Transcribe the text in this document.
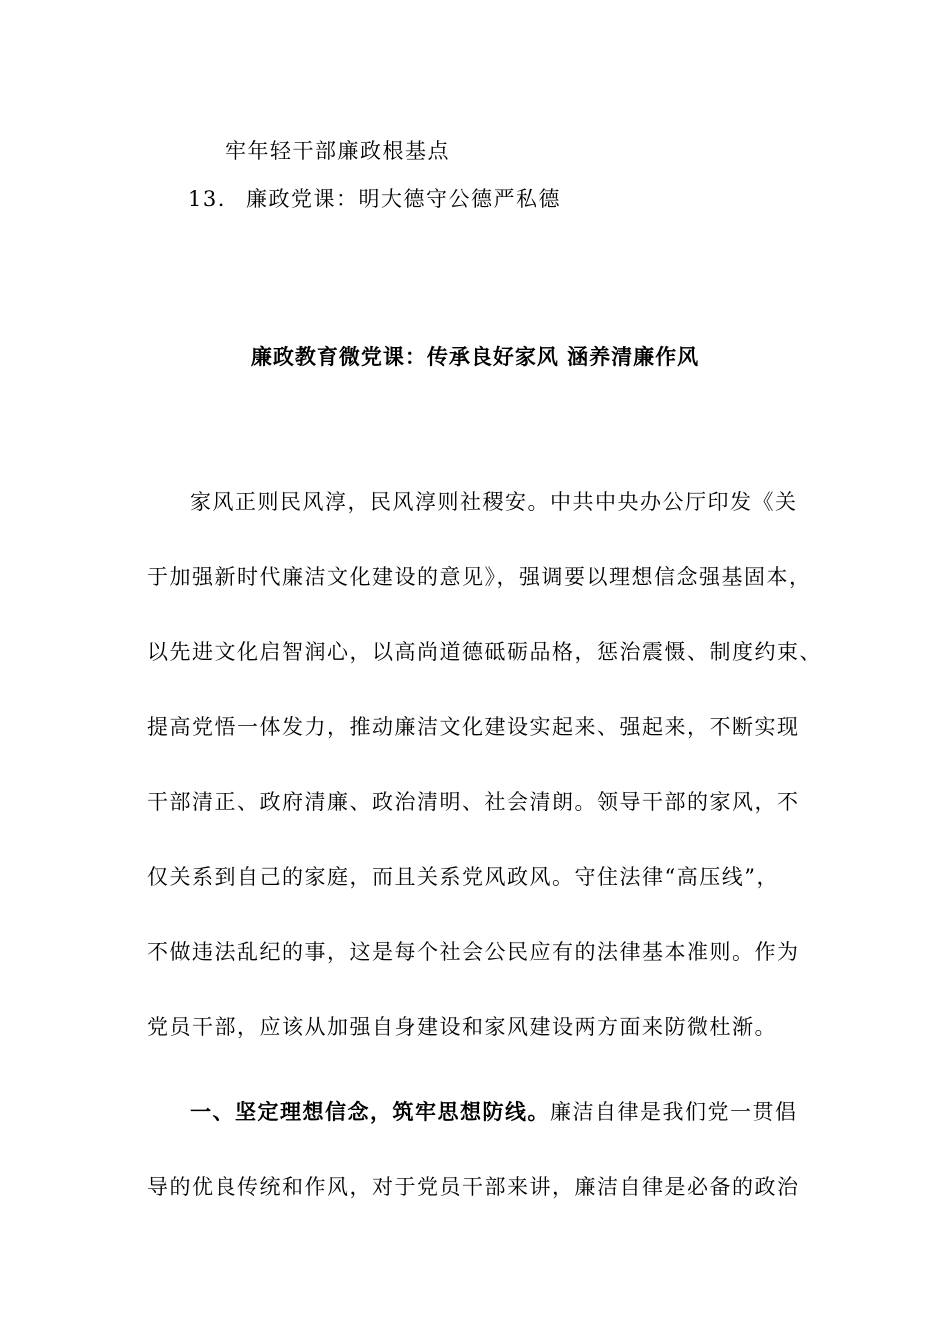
牢年轻干部廉政根基点
13. 廉政党课：明大德守公德严私德
廉政教育微党课：传承良好家风 涵养清廉作风
家风正则民风淳，民风淳则社稷安。中共中央办公厅印发《关
于加强新时代廉洁文化建设的意见》，强调要以理想信念强基固本，
以先进文化启智润心，以高尚道德砥砺品格，惩治震慑、制度约束、
提高党悟一体发力，推动廉洁文化建设实起来、强起来，不断实现
干部清正、政府清廉、政治清明、社会清朗。领导干部的家风，不
仅关系到自己的家庭，而且关系党风政风。守住法律“高压线”，
不做违法乱纪的事，这是每个社会公民应有的法律基本准则。作为
党员干部，应该从加强自身建设和家风建设两方面来防微杜渐。
一、坚定理想信念，筑牢思想防线。廉洁自律是我们党一贯倡
导的优良传统和作风，对于党员干部来讲，廉洁自律是必备的政治
